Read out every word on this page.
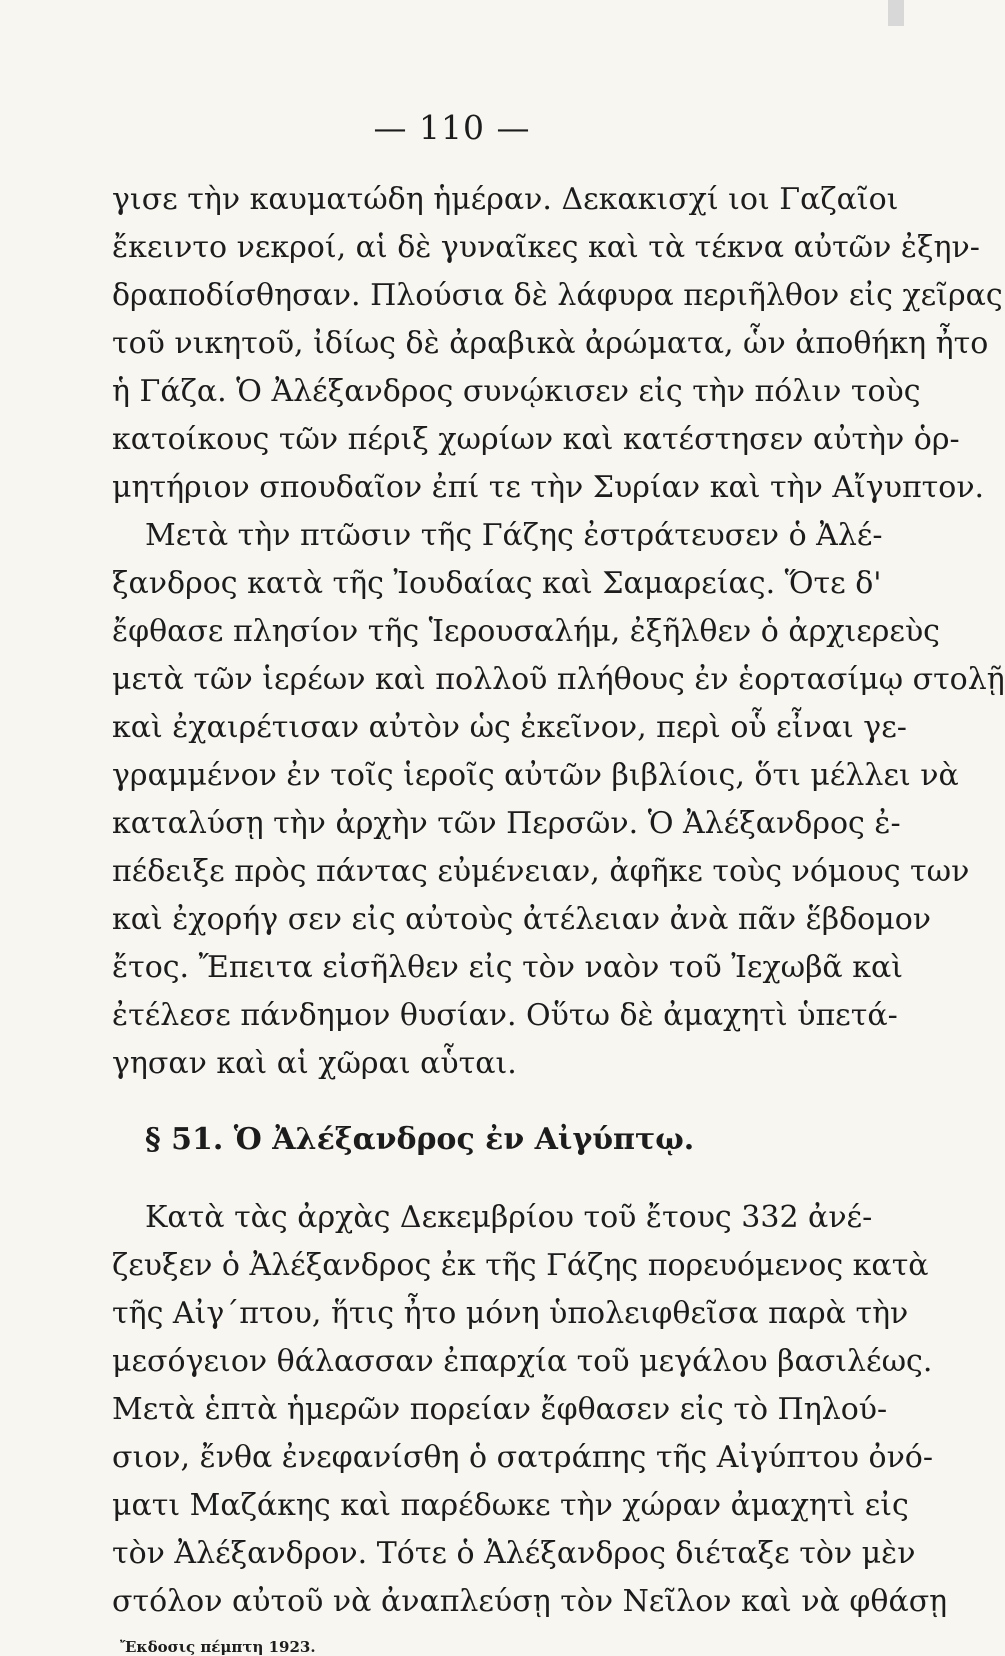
— 110 —
§ 51. Ὁ Ἀλέξανδρος ἐν Αἰγύπτῳ.
Ἔκδοσις πέμπτη 1923.
γισε τὴν καυματώδη ἡμέραν. Δεκακισχί ιοι Γαζαῖοι
ἔκειντο νεκροί, αἱ δὲ γυναῖκες καὶ τὰ τέκνα αὐτῶν ἐξην-
δραποδίσθησαν. Πλούσια δὲ λάφυρα περιῆλθον εἰς χεῖρας
τοῦ νικητοῦ, ἰδίως δὲ ἀραβικὰ ἀρώματα, ὧν ἀποθήκη ἦτο
ἡ Γάζα. Ὁ Ἀλέξανδρος συνῴκισεν εἰς τὴν πόλιν τοὺς
κατοίκους τῶν πέριξ χωρίων καὶ κατέστησεν αὐτὴν ὁρ-
μητήριον σπουδαῖον ἐπί τε τὴν Συρίαν καὶ τὴν Αἴγυπτον.
Μετὰ τὴν πτῶσιν τῆς Γάζης ἐστράτευσεν ὁ Ἀλέ-
ξανδρος κατὰ τῆς Ἰουδαίας καὶ Σαμαρείας. Ὅτε δ'
ἔφθασε πλησίον τῆς Ἱερουσαλήμ, ἐξῆλθεν ὁ ἀρχιερεὺς
μετὰ τῶν ἱερέων καὶ πολλοῦ πλήθους ἐν ἑορτασίμῳ στολῇ
καὶ ἐχαιρέτισαν αὐτὸν ὡς ἐκεῖνον, περὶ οὗ εἶναι γε-
γραμμένον ἐν τοῖς ἱεροῖς αὐτῶν βιβλίοις, ὅτι μέλλει νὰ
καταλύσῃ τὴν ἀρχὴν τῶν Περσῶν. Ὁ Ἀλέξανδρος ἐ-
πέδειξε πρὸς πάντας εὐμένειαν, ἀφῆκε τοὺς νόμους των
καὶ ἐχορήγ σεν εἰς αὐτοὺς ἀτέλειαν ἀνὰ πᾶν ἕβδομον
ἔτος. Ἔπειτα εἰσῆλθεν εἰς τὸν ναὸν τοῦ Ἰεχωβᾶ καὶ
ἐτέλεσε πάνδημον θυσίαν. Οὕτω δὲ ἀμαχητὶ ὑπετά-
γησαν καὶ αἱ χῶραι αὗται.
Κατὰ τὰς ἀρχὰς Δεκεμβρίου τοῦ ἔτους 332 ἀνέ-
ζευξεν ὁ Ἀλέξανδρος ἐκ τῆς Γάζης πορευόμενος κατὰ
τῆς Αἰγ΄πτου, ἥτις ἦτο μόνη ὑπολειφθεῖσα παρὰ τὴν
μεσόγειον θάλασσαν ἐπαρχία τοῦ μεγάλου βασιλέως.
Μετὰ ἑπτὰ ἡμερῶν πορείαν ἔφθασεν εἰς τὸ Πηλού-
σιον, ἔνθα ἐνεφανίσθη ὁ σατράπης τῆς Αἰγύπτου ὀνό-
ματι Μαζάκης καὶ παρέδωκε τὴν χώραν ἀμαχητὶ εἰς
τὸν Ἀλέξανδρον. Τότε ὁ Ἀλέξανδρος διέταξε τὸν μὲν
στόλον αὐτοῦ νὰ ἀναπλεύσῃ τὸν Νεῖλον καὶ νὰ φθάσῃ
